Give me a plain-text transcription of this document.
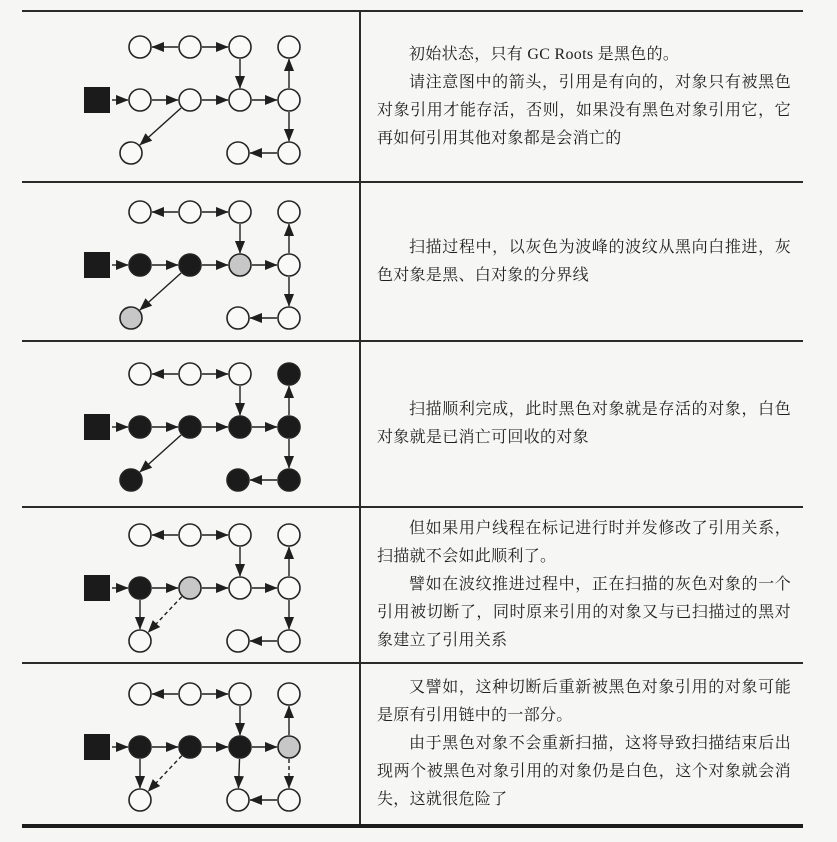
初始状态，只有 GC Roots 是黑色的。

请注意图中的箭头，引用是有向的，对象只有被黑色对象引用才能存活，否则，如果没有黑色对象引用它，它再如何引用其他对象都是会消亡的

扫描过程中，以灰色为波峰的波纹从黑向白推进，灰色对象是黑、白对象的分界线

扫描顺利完成，此时黑色对象就是存活的对象，白色对象就是已消亡可回收的对象

但如果用户线程在标记进行时并发修改了引用关系，扫描就不会如此顺利了。

譬如在波纹推进过程中，正在扫描的灰色对象的一个引用被切断了，同时原来引用的对象又与已扫描过的黑对象建立了引用关系

又譬如，这种切断后重新被黑色对象引用的对象可能是原有引用链中的一部分。

由于黑色对象不会重新扫描，这将导致扫描结束后出现两个被黑色对象引用的对象仍是白色，这个对象就会消失，这就很危险了
